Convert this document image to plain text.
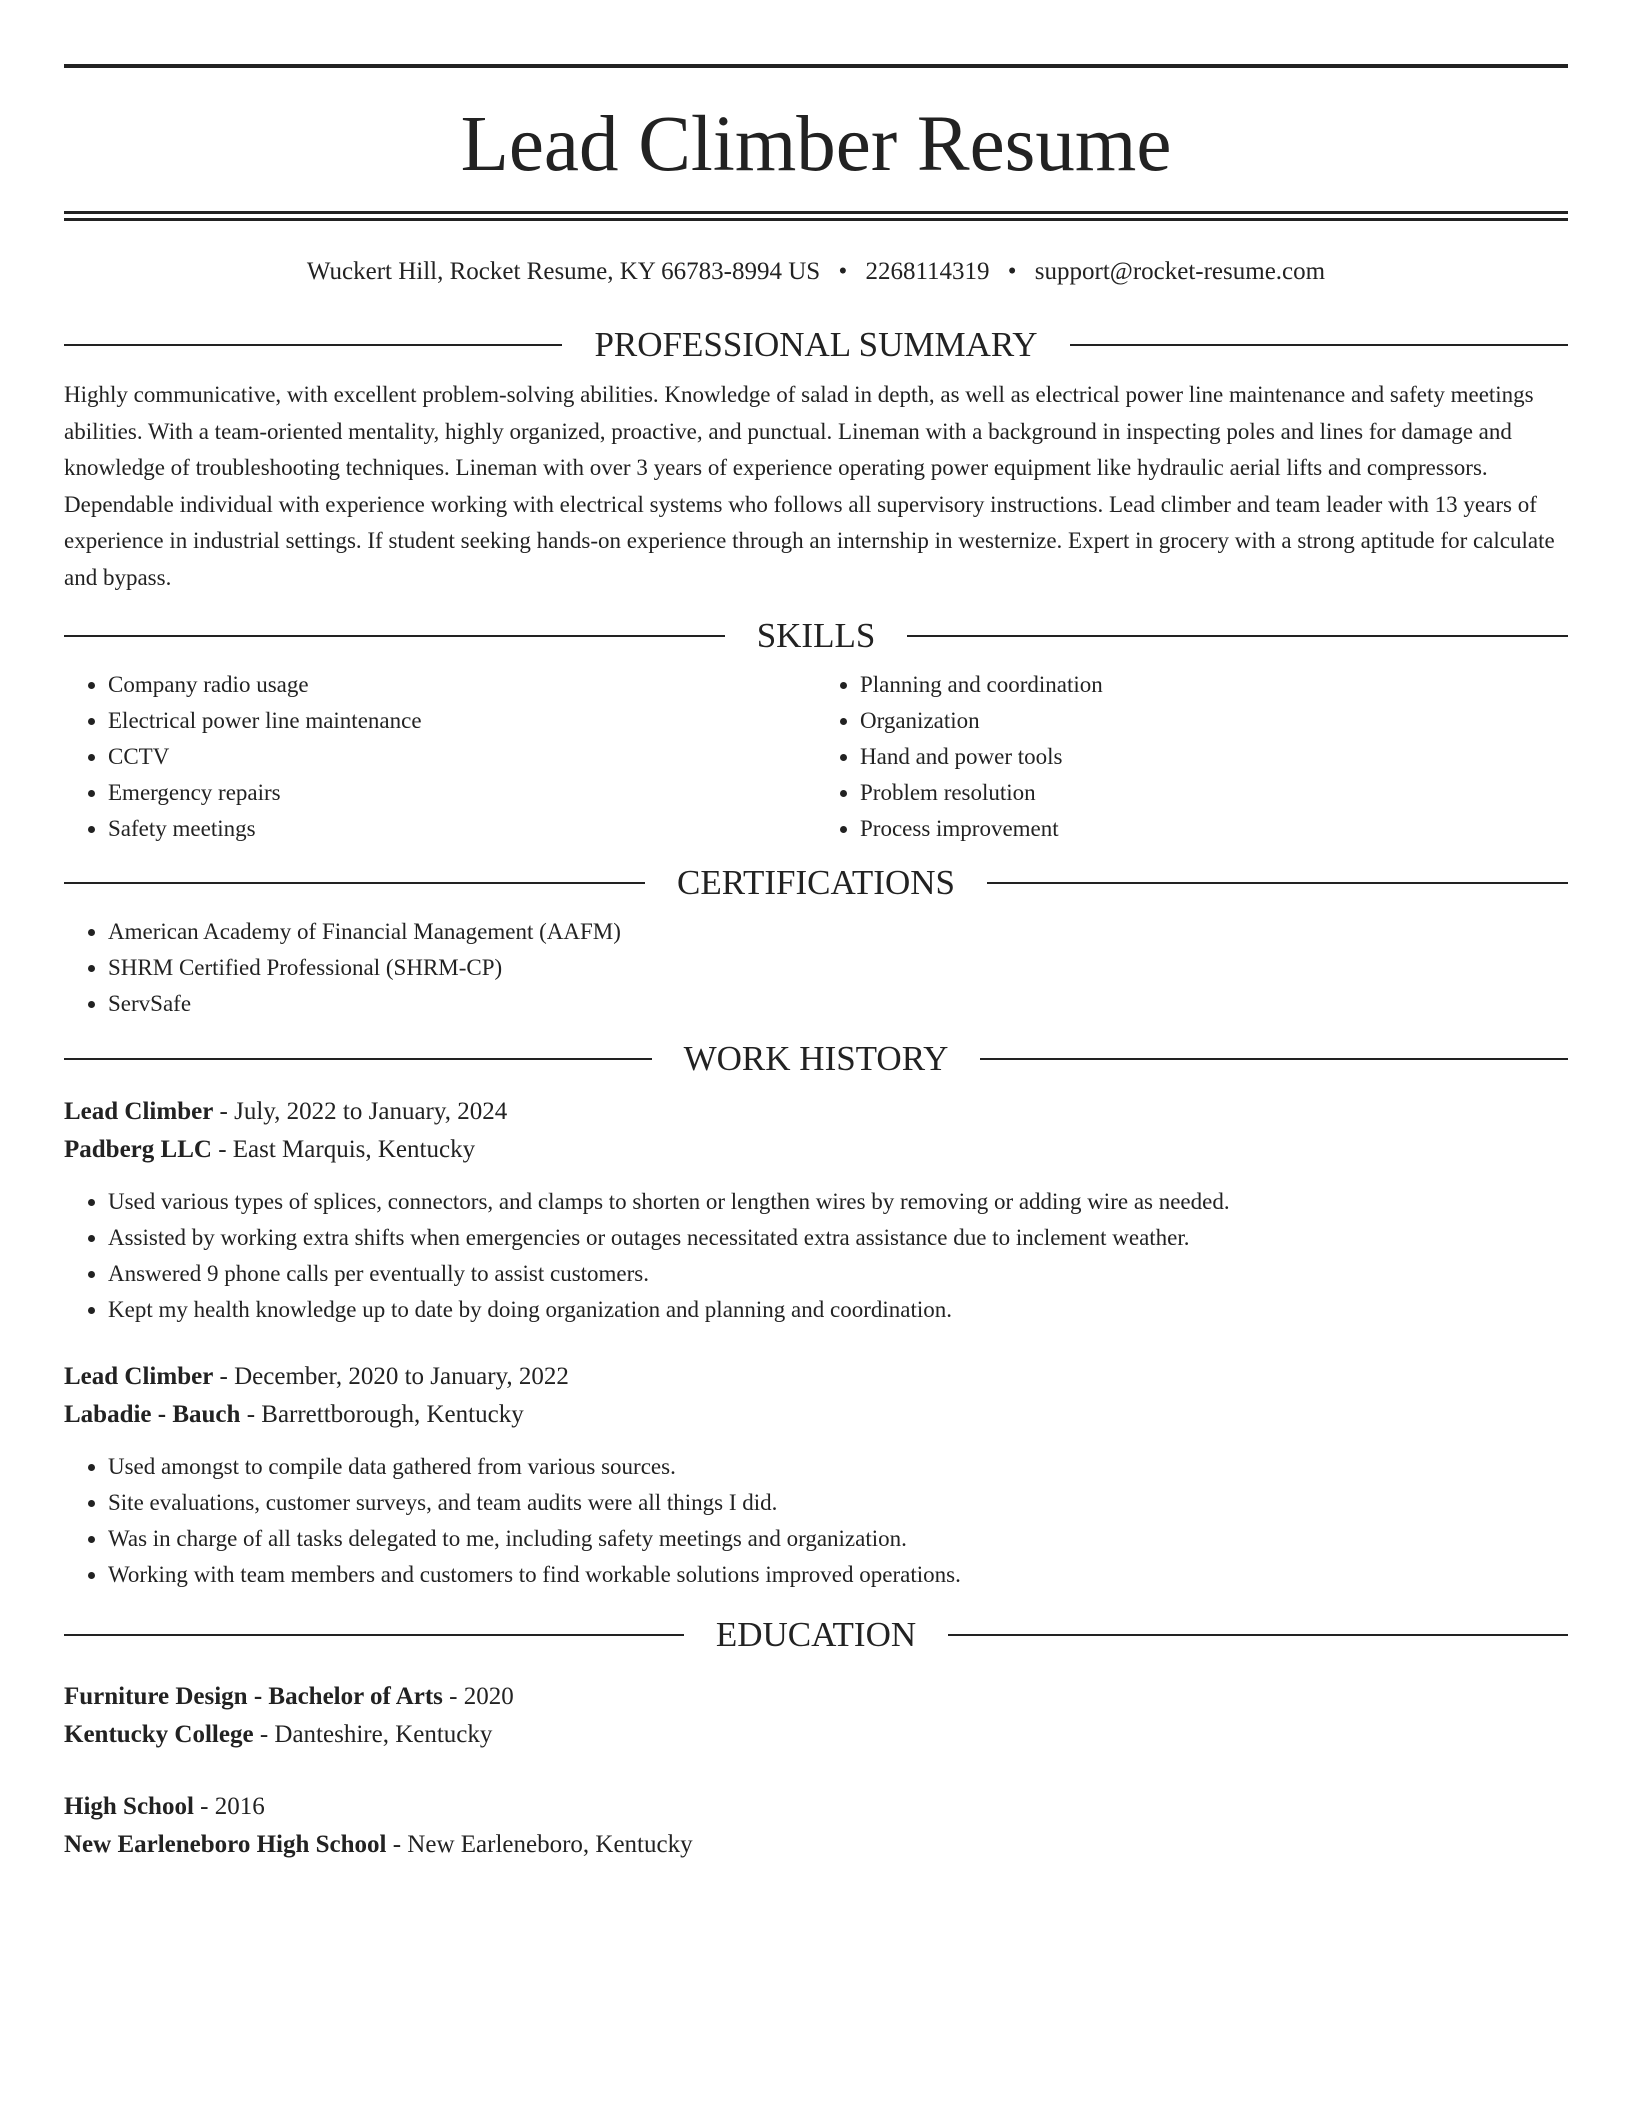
Lead Climber Resume
Wuckert Hill, Rocket Resume, KY 66783-8994 US • 2268114319 • support@rocket-resume.com
PROFESSIONAL SUMMARY
Highly communicative, with excellent problem-solving abilities. Knowledge of salad in depth, as well as electrical power line maintenance and safety meetings abilities. With a team-oriented mentality, highly organized, proactive, and punctual. Lineman with a background in inspecting poles and lines for damage and knowledge of troubleshooting techniques. Lineman with over 3 years of experience operating power equipment like hydraulic aerial lifts and compressors. Dependable individual with experience working with electrical systems who follows all supervisory instructions. Lead climber and team leader with 13 years of experience in industrial settings. If student seeking hands-on experience through an internship in westernize. Expert in grocery with a strong aptitude for calculate and bypass.
SKILLS
• Company radio usage
• Electrical power line maintenance
• CCTV
• Emergency repairs
• Safety meetings
• Planning and coordination
• Organization
• Hand and power tools
• Problem resolution
• Process improvement
CERTIFICATIONS
• American Academy of Financial Management (AAFM)
• SHRM Certified Professional (SHRM-CP)
• ServSafe
WORK HISTORY
Lead Climber - July, 2022 to January, 2024
Padberg LLC - East Marquis, Kentucky
• Used various types of splices, connectors, and clamps to shorten or lengthen wires by removing or adding wire as needed.
• Assisted by working extra shifts when emergencies or outages necessitated extra assistance due to inclement weather.
• Answered 9 phone calls per eventually to assist customers.
• Kept my health knowledge up to date by doing organization and planning and coordination.
Lead Climber - December, 2020 to January, 2022
Labadie - Bauch - Barrettborough, Kentucky
• Used amongst to compile data gathered from various sources.
• Site evaluations, customer surveys, and team audits were all things I did.
• Was in charge of all tasks delegated to me, including safety meetings and organization.
• Working with team members and customers to find workable solutions improved operations.
EDUCATION
Furniture Design - Bachelor of Arts - 2020
Kentucky College - Danteshire, Kentucky
High School - 2016
New Earleneboro High School - New Earleneboro, Kentucky
